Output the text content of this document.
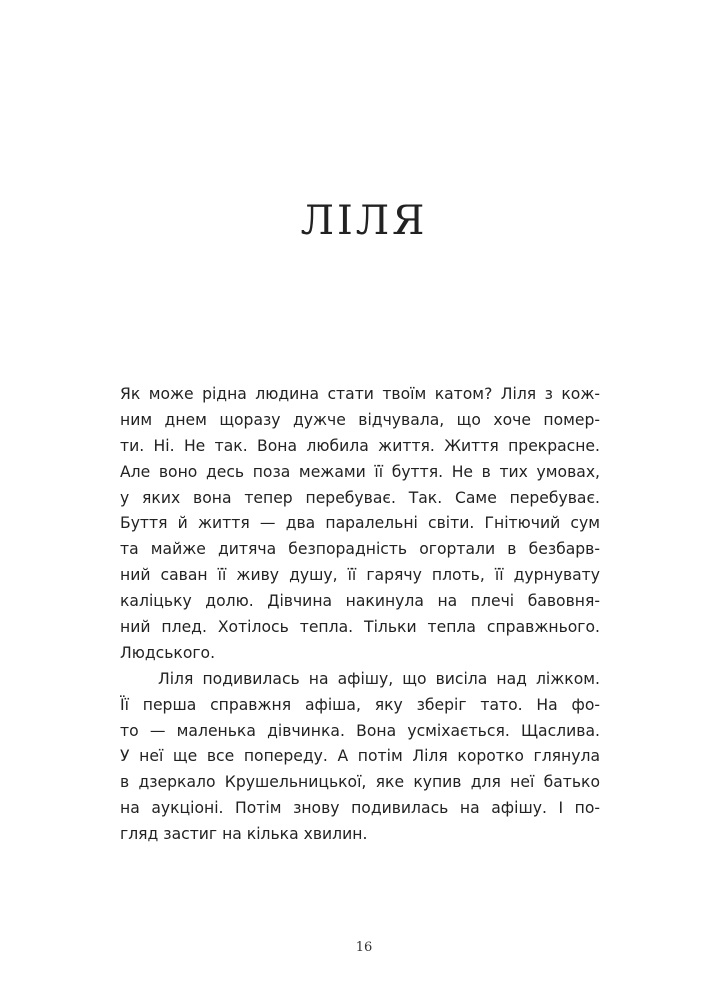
ЛІЛЯ
Як може рідна людина стати твоїм катом? Ліля з кож-
ним днем щоразу дужче відчувала, що хоче помер-
ти. Ні. Не так. Вона любила життя. Життя прекрасне.
Але воно десь поза межами її буття. Не в тих умовах,
у яких вона тепер перебуває. Так. Саме перебуває.
Буття й життя — два паралельні світи. Гнітючий сум
та майже дитяча безпорадність огортали в безбарв-
ний саван її живу душу, її гарячу плоть, її дурнувату
каліцьку долю. Дівчина накинула на плечі бавовня-
ний плед. Хотілось тепла. Тільки тепла справжнього.
Людського.
Ліля подивилась на афішу, що висіла над ліжком.
Її перша справжня афіша, яку зберіг тато. На фо-
то — маленька дівчинка. Вона усміхається. Щаслива.
У неї ще все попереду. А потім Ліля коротко глянула
в дзеркало Крушельницької, яке купив для неї батько
на аукціоні. Потім знову подивилась на афішу. І по-
гляд застиг на кілька хвилин.
16
